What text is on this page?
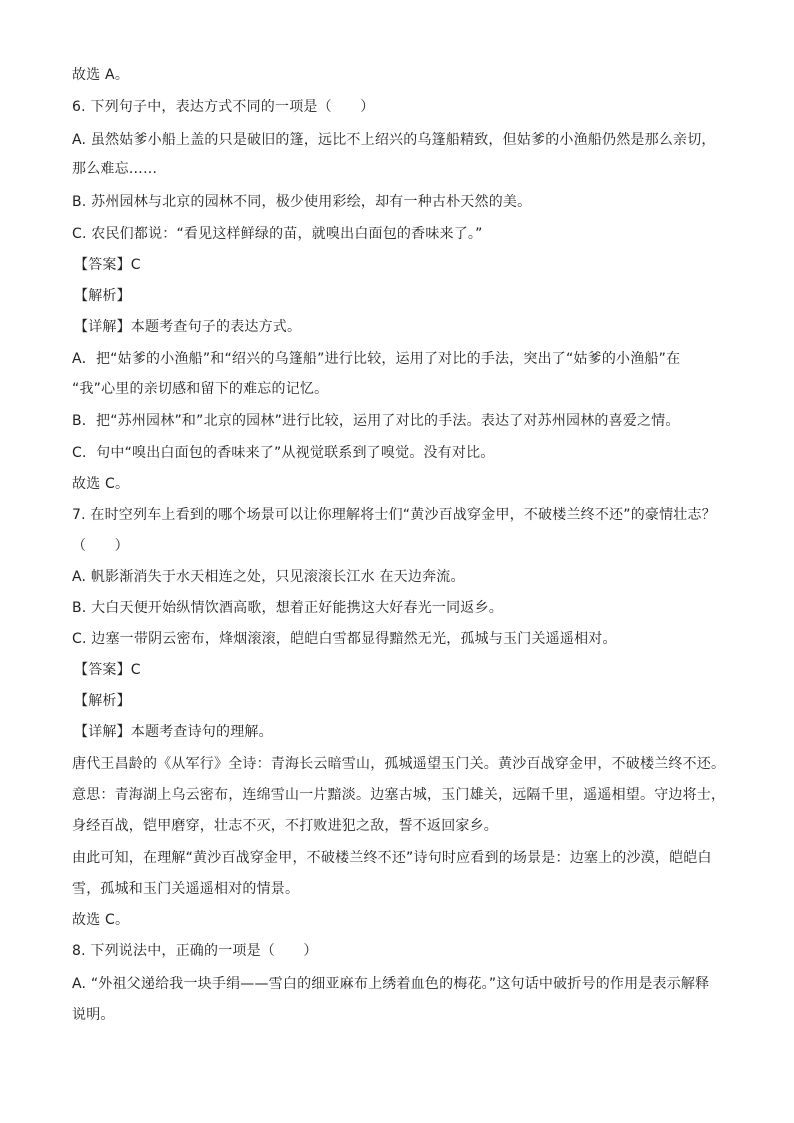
故选 A。
6. 下列句子中，表达方式不同的一项是（　　）
A. 虽然姑爹小船上盖的只是破旧的篷，远比不上绍兴的乌篷船精致，但姑爹的小渔船仍然是那么亲切，
那么难忘……
B. 苏州园林与北京的园林不同，极少使用彩绘，却有一种古朴天然的美。
C. 农民们都说：“看见这样鲜绿的苗，就嗅出白面包的香味来了。”
【答案】C
【解析】
【详解】本题考查句子的表达方式。
A．把“姑爹的小渔船”和“绍兴的乌篷船”进行比较，运用了对比的手法，突出了“姑爹的小渔船”在
“我”心里的亲切感和留下的难忘的记忆。
B．把“苏州园林”和”北京的园林”进行比较，运用了对比的手法。表达了对苏州园林的喜爱之情。
C．句中“嗅出白面包的香味来了”从视觉联系到了嗅觉。没有对比。
故选 C。
7. 在时空列车上看到的哪个场景可以让你理解将士们“黄沙百战穿金甲，不破楼兰终不还”的豪情壮志？
（　　）
A. 帆影渐消失于水天相连之处，只见滚滚长江水 在天边奔流。
B. 大白天便开始纵情饮酒高歌，想着正好能携这大好春光一同返乡。
C. 边塞一带阴云密布，烽烟滚滚，皑皑白雪都显得黯然无光，孤城与玉门关遥遥相对。
【答案】C
【解析】
【详解】本题考查诗句的理解。
唐代王昌龄的《从军行》全诗：青海长云暗雪山，孤城遥望玉门关。黄沙百战穿金甲，不破楼兰终不还。
意思：青海湖上乌云密布，连绵雪山一片黯淡。边塞古城，玉门雄关，远隔千里，遥遥相望。守边将士，
身经百战，铠甲磨穿，壮志不灭，不打败进犯之敌，誓不返回家乡。
由此可知，在理解“黄沙百战穿金甲，不破楼兰终不还”诗句时应看到的场景是：边塞上的沙漠，皑皑白
雪，孤城和玉门关遥遥相对的情景。
故选 C。
8. 下列说法中，正确的一项是（　　）
A. “外祖父递给我一块手绢——雪白的细亚麻布上绣着血色的梅花。”这句话中破折号的作用是表示解释
说明。
